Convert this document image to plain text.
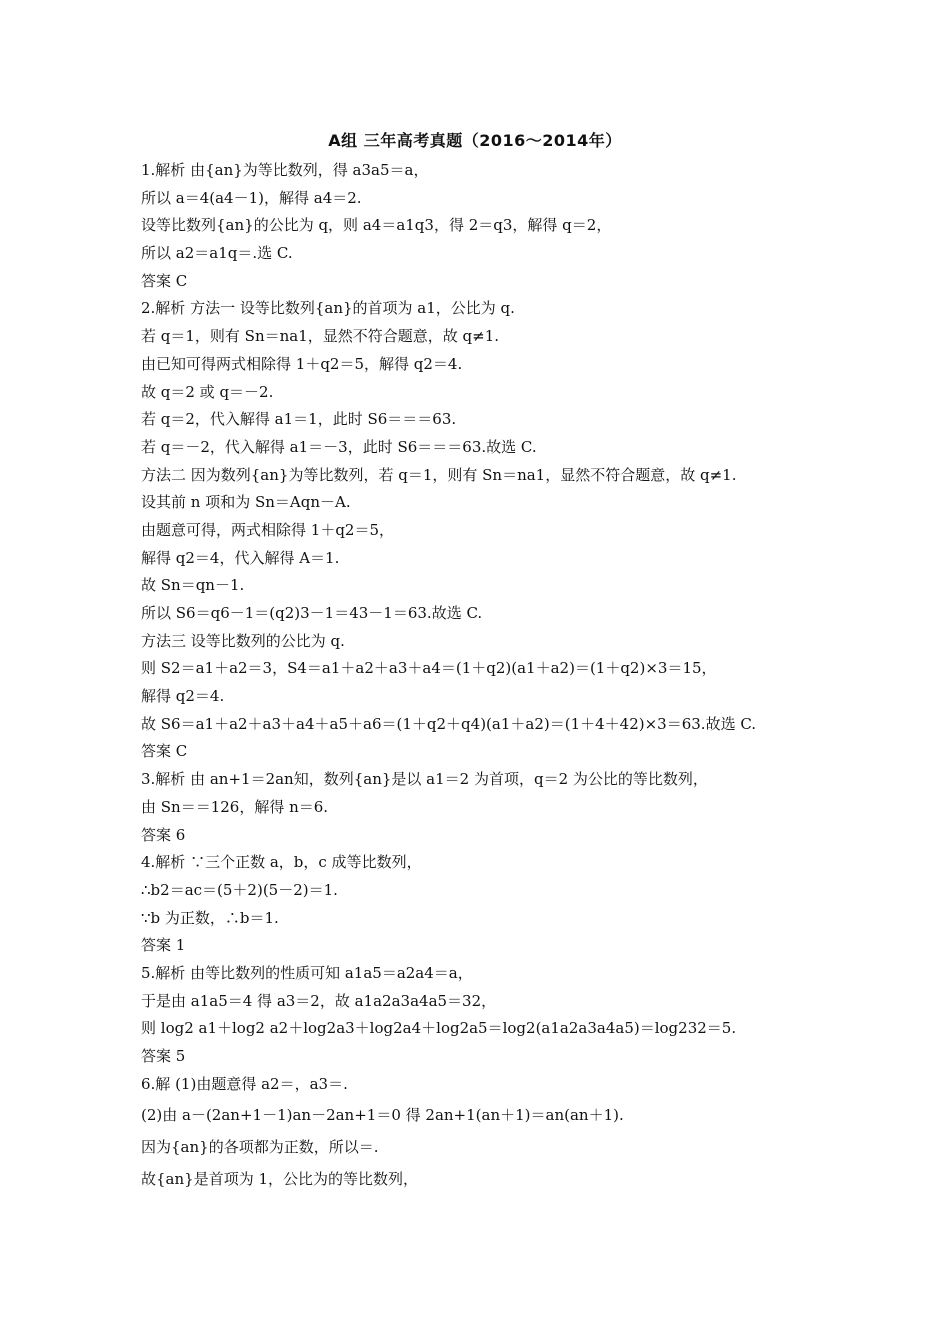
A组 三年高考真题（2016～2014年）
1.解析 由{an}为等比数列，得 a3a5＝a，
所以 a＝4(a4－1)，解得 a4＝2.
设等比数列{an}的公比为 q，则 a4＝a1q3，得 2＝q3，解得 q＝2，
所以 a2＝a1q＝.选 C.
答案 C
2.解析 方法一 设等比数列{an}的首项为 a1，公比为 q.
若 q＝1，则有 Sn＝na1，显然不符合题意，故 q≠1.
由已知可得两式相除得 1＋q2＝5，解得 q2＝4.
故 q＝2 或 q＝－2.
若 q＝2，代入解得 a1＝1，此时 S6＝＝＝63.
若 q＝－2，代入解得 a1＝－3，此时 S6＝＝＝63.故选 C.
方法二 因为数列{an}为等比数列，若 q＝1，则有 Sn＝na1，显然不符合题意，故 q≠1.
设其前 n 项和为 Sn＝Aqn－A.
由题意可得，两式相除得 1＋q2＝5，
解得 q2＝4，代入解得 A＝1.
故 Sn＝qn－1.
所以 S6＝q6－1＝(q2)3－1＝43－1＝63.故选 C.
方法三 设等比数列的公比为 q.
则 S2＝a1＋a2＝3，S4＝a1＋a2＋a3＋a4＝(1＋q2)(a1＋a2)＝(1＋q2)×3＝15，
解得 q2＝4.
故 S6＝a1＋a2＋a3＋a4＋a5＋a6＝(1＋q2＋q4)(a1＋a2)＝(1＋4＋42)×3＝63.故选 C.
答案 C
3.解析 由 an+1＝2an知，数列{an}是以 a1＝2 为首项，q＝2 为公比的等比数列，
由 Sn＝＝126，解得 n＝6.
答案 6
4.解析 ∵三个正数 a，b，c 成等比数列，
∴b2＝ac＝(5＋2)(5－2)＝1.
∵b 为正数，∴b＝1.
答案 1
5.解析 由等比数列的性质可知 a1a5＝a2a4＝a，
于是由 a1a5＝4 得 a3＝2，故 a1a2a3a4a5＝32，
则 log2 a1＋log2 a2＋log2a3＋log2a4＋log2a5＝log2(a1a2a3a4a5)＝log232＝5.
答案 5
6.解 (1)由题意得 a2＝，a3＝.
(2)由 a－(2an+1－1)an－2an+1＝0 得 2an+1(an＋1)＝an(an＋1).
因为{an}的各项都为正数，所以＝.
故{an}是首项为 1，公比为的等比数列，
